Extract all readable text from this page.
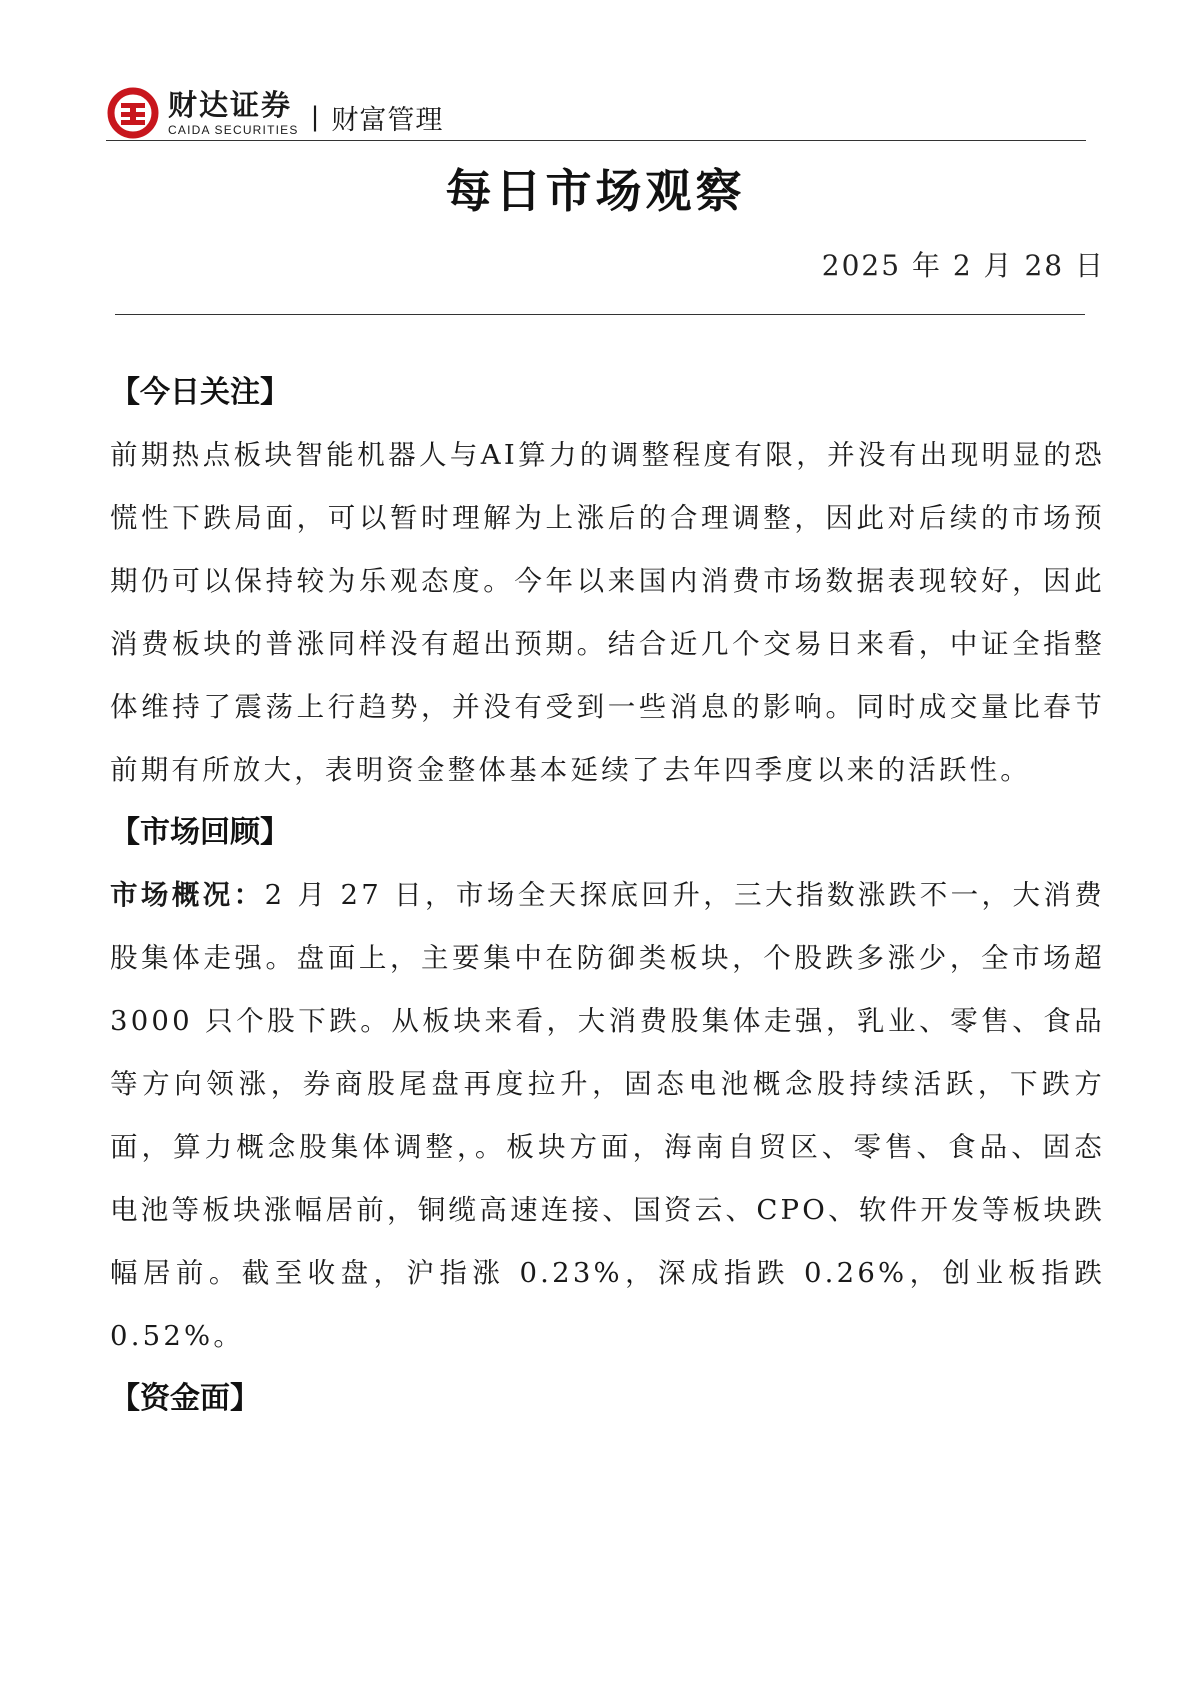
财达证券
CAIDA SECURITIES | 财富管理
每日市场观察
2025 年 2 月 28 日
【今日关注】

前期热点板块智能机器人与AI算力的调整程度有限，并没有出现明显的恐慌性下跌局面，可以暂时理解为上涨后的合理调整，因此对后续的市场预期仍可以保持较为乐观态度。今年以来国内消费市场数据表现较好，因此消费板块的普涨同样没有超出预期。结合近几个交易日来看，中证全指整体维持了震荡上行趋势，并没有受到一些消息的影响。同时成交量比春节前期有所放大，表明资金整体基本延续了去年四季度以来的活跃性。

【市场回顾】

市场概况：2 月 27 日，市场全天探底回升，三大指数涨跌不一，大消费股集体走强。盘面上，主要集中在防御类板块，个股跌多涨少，全市场超 3000 只个股下跌。从板块来看，大消费股集体走强，乳业、零售、食品等方向领涨，券商股尾盘再度拉升，固态电池概念股持续活跃，下跌方面，算力概念股集体调整，。板块方面，海南自贸区、零售、食品、固态电池等板块涨幅居前，铜缆高速连接、国资云、CPO、软件开发等板块跌幅居前。截至收盘，沪指涨 0.23%，深成指跌 0.26%，创业板指跌 0.52%。

【资金面】
